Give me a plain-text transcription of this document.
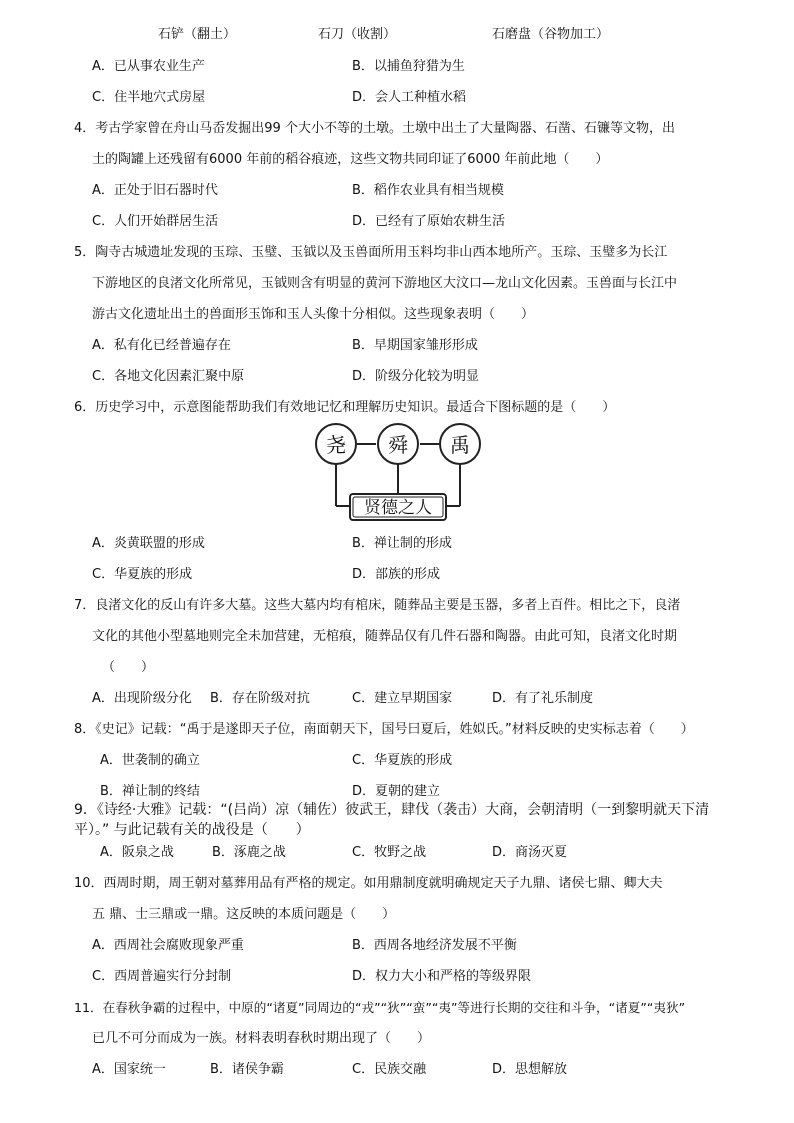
石铲（翻土）	石刀（收割）	石磨盘（谷物加工）
A．已从事农业生产	B．以捕鱼狩猎为生
C．住半地穴式房屋	D．会人工种植水稻
4．考古学家曾在舟山马岙发掘出99 个大小不等的土墩。土墩中出土了大量陶器、石凿、石镰等文物，出
土的陶罐上还残留有6000 年前的稻谷痕迹，这些文物共同印证了6000 年前此地（　　）
A．正处于旧石器时代	B．稻作农业具有相当规模
C．人们开始群居生活	D．已经有了原始农耕生活
5．陶寺古城遗址发现的玉琮、玉璧、玉钺以及玉兽面所用玉料均非山西本地所产。玉琮、玉璧多为长江
下游地区的良渚文化所常见，玉钺则含有明显的黄河下游地区大汶口—龙山文化因素。玉兽面与长江中
游古文化遗址出土的兽面形玉饰和玉人头像十分相似。这些现象表明（　　）
A．私有化已经普遍存在	B．早期国家雏形形成
C．各地文化因素汇聚中原	D．阶级分化较为明显
6．历史学习中，示意图能帮助我们有效地记忆和理解历史知识。最适合下图标题的是（　　）
尧 舜 禹
贤德之人
A．炎黄联盟的形成	B．禅让制的形成
C．华夏族的形成	D．部族的形成
7．良渚文化的反山有许多大墓。这些大墓内均有棺床，随葬品主要是玉器，多者上百件。相比之下，良渚
文化的其他小型墓地则完全未加营建，无棺痕，随葬品仅有几件石器和陶器。由此可知，良渚文化时期
（　　）
A．出现阶级分化 B．存在阶级对抗	C．建立早期国家	D．有了礼乐制度
8．《史记》记载：“禹于是遂即天子位，南面朝天下，国号曰夏后，姓姒氏。”材料反映的史实标志着（　　）
A．世袭制的确立	C．华夏族的形成
B．禅让制的终结	D．夏朝的建立
9．《诗经·大雅》记载：“(吕尚）凉（辅佐）彼武王，肆伐（袭击）大商，会朝清明（一到黎明就天下清
平）。” 与此记载有关的战役是（　　）
A．阪泉之战	B．涿鹿之战	C．牧野之战	D．商汤灭夏
10．西周时期，周王朝对墓葬用品有严格的规定。如用鼎制度就明确规定天子九鼎、诸侯七鼎、卿大夫
五 鼎、士三鼎或一鼎。这反映的本质问题是（　　）
A．西周社会腐败现象严重	B．西周各地经济发展不平衡
C．西周普遍实行分封制	D．权力大小和严格的等级界限
11．在春秋争霸的过程中，中原的“诸夏”同周边的“戎”“狄”“蛮”“夷”等进行长期的交往和斗争，“诸夏”“夷狄”
已几不可分而成为一族。材料表明春秋时期出现了（　　）
A．国家统一	B．诸侯争霸	C．民族交融	D．思想解放
